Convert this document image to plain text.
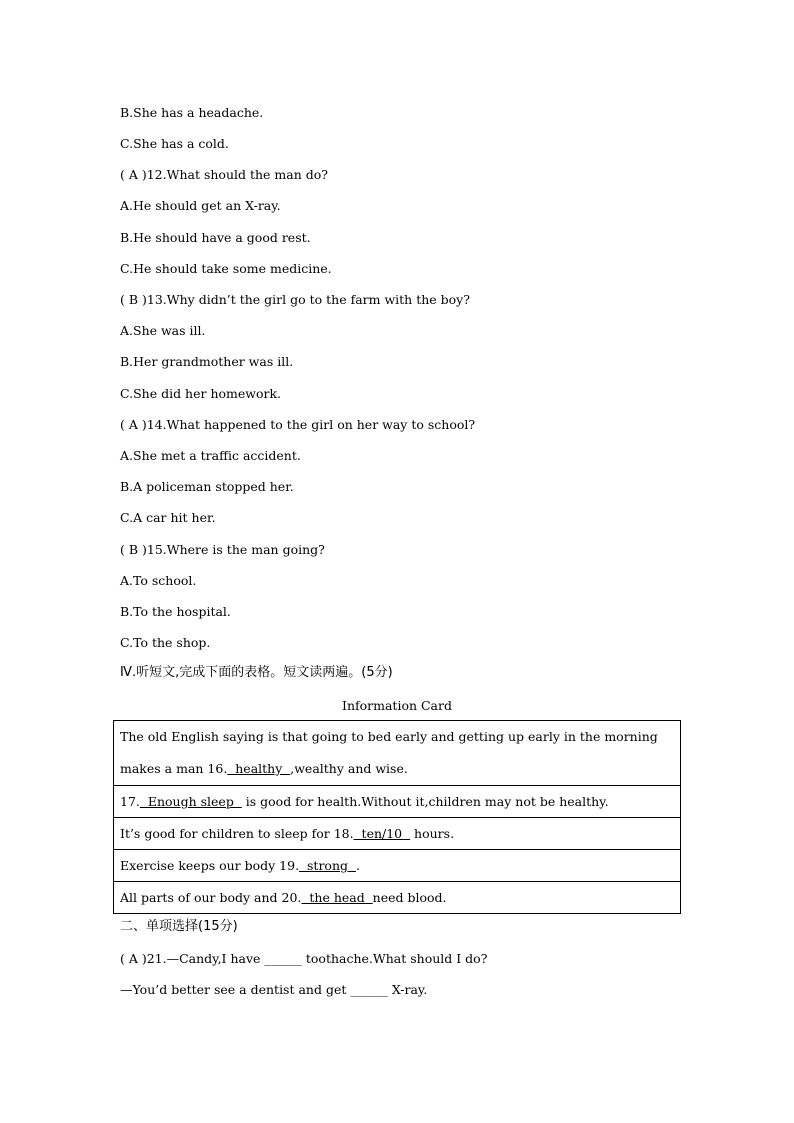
B.She has a headache.
C.She has a cold.
( A )12.What should the man do?
A.He should get an X-ray.
B.He should have a good rest.
C.He should take some medicine.
( B )13.Why didn’t the girl go to the farm with the boy?
A.She was ill.
B.Her grandmother was ill.
C.She did her homework.
( A )14.What happened to the girl on her way to school?
A.She met a traffic accident.
B.A policeman stopped her.
C.A car hit her.
( B )15.Where is the man going?
A.To school.
B.To the hospital.
C.To the shop.
Ⅳ.听短文,完成下面的表格。短文读两遍。(5分)
Information Card
The old English saying is that going to bed early and getting up early in the morning
makes a man 16.  healthy  ,wealthy and wise.
17.  Enough sleep   is good for health.Without it,children may not be healthy.
It’s good for children to sleep for 18.  ten/10   hours.
Exercise keeps our body 19.  strong  .
All parts of our body and 20.  the head  need blood.
二、单项选择(15分)
( A )21.—Candy,I have ______ toothache.What should I do?
—You’d better see a dentist and get ______ X-ray.
